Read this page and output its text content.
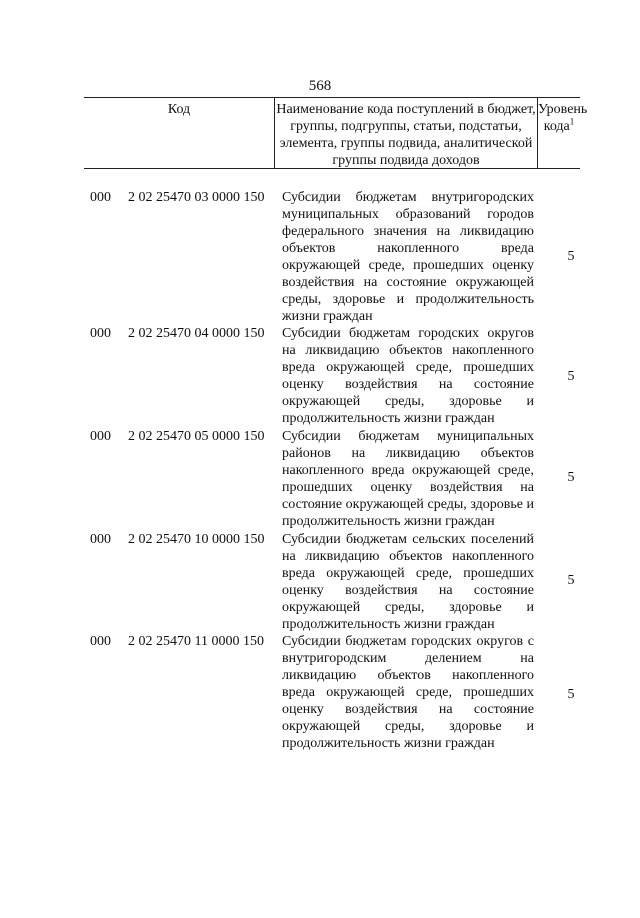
568
Код	Наименование кода поступлений в бюджет, группы, подгруппы, статьи, подстатьи, элемента, группы подвида, аналитической группы подвида доходов
Уровень кода$^1$
000 2 02 25470 03 0000 150 Субсидии бюджетам внутригородских муниципальных образований городов федерального значения на ликвидацию объектов накопленного вреда окружающей среде, прошедших оценку воздействия на состояние окружающей среды, здоровье и продолжительность жизни граждан
5
000 2 02 25470 04 0000 150 Субсидии бюджетам городских округов на ликвидацию объектов накопленного вреда окружающей среде, прошедших оценку воздействия на состояние окружающей среды, здоровье и продолжительность жизни граждан
5
000 2 02 25470 05 0000 150 Субсидии бюджетам муниципальных районов на ликвидацию объектов накопленного вреда окружающей среде, прошедших оценку воздействия на состояние окружающей среды, здоровье и продолжительность жизни граждан
5
000 2 02 25470 10 0000 150 Субсидии бюджетам сельских поселений на ликвидацию объектов накопленного вреда окружающей среде, прошедших оценку воздействия на состояние окружающей среды, здоровье и продолжительность жизни граждан
5
000 2 02 25470 11 0000 150 Субсидии бюджетам городских округов с внутригородским делением на ликвидацию объектов накопленного вреда окружающей среде, прошедших оценку воздействия на состояние окружающей среды, здоровье и продолжительность жизни граждан
5
